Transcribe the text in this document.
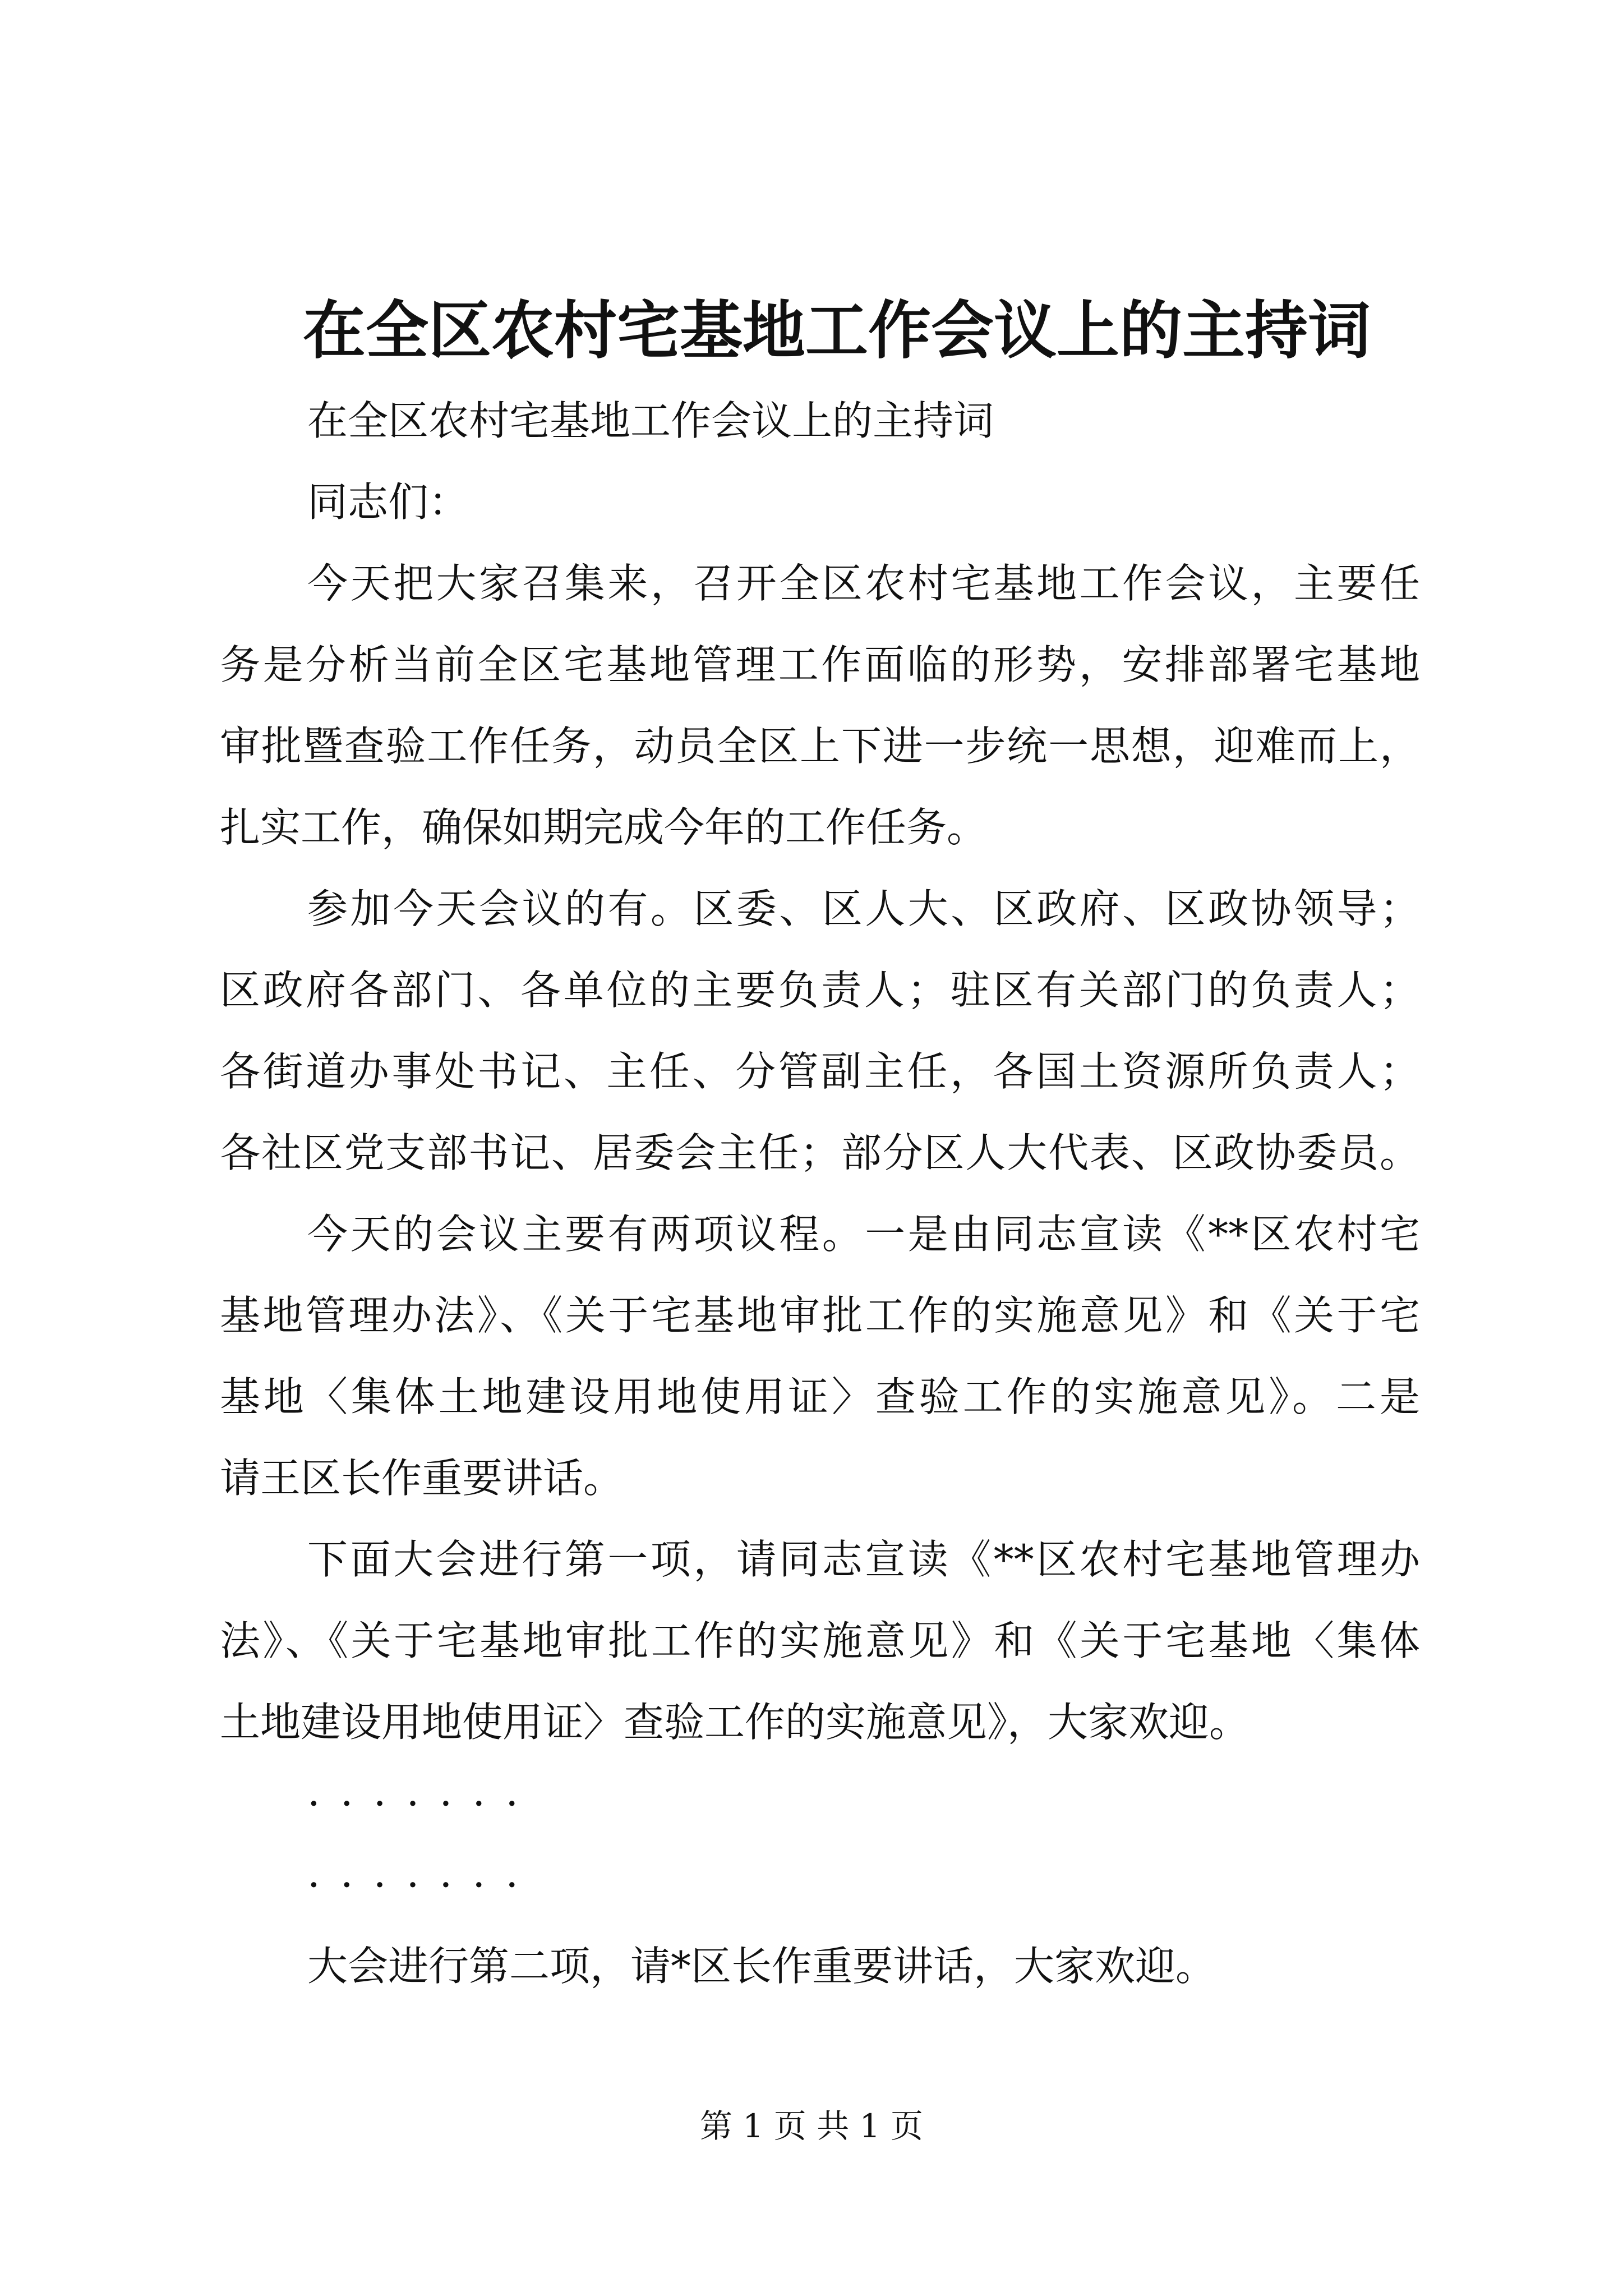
在全区农村宅基地工作会议上的主持词

在全区农村宅基地工作会议上的主持词

同志们：

今天把大家召集来，召开全区农村宅基地工作会议，主要任

务是分析当前全区宅基地管理工作面临的形势，安排部署宅基地

审批暨查验工作任务，动员全区上下进一步统一思想，迎难而上，

扎实工作，确保如期完成今年的工作任务。

参加今天会议的有。区委、区人大、区政府、区政协领导；

区政府各部门、各单位的主要负责人；驻区有关部门的负责人；

各街道办事处书记、主任、分管副主任，各国土资源所负责人；

各社区党支部书记、居委会主任；部分区人大代表、区政协委员。

今天的会议主要有两项议程。一是由同志宣读《**区农村宅

基地管理办法》、《关于宅基地审批工作的实施意见》和《关于宅

基地〈集体土地建设用地使用证〉查验工作的实施意见》。二是

请王区长作重要讲话。

下面大会进行第一项，请同志宣读《**区农村宅基地管理办

法》、《关于宅基地审批工作的实施意见》和《关于宅基地〈集体

土地建设用地使用证〉查验工作的实施意见》，大家欢迎。

·······

·······

大会进行第二项，请*区长作重要讲话，大家欢迎。

第 1 页 共 1 页
